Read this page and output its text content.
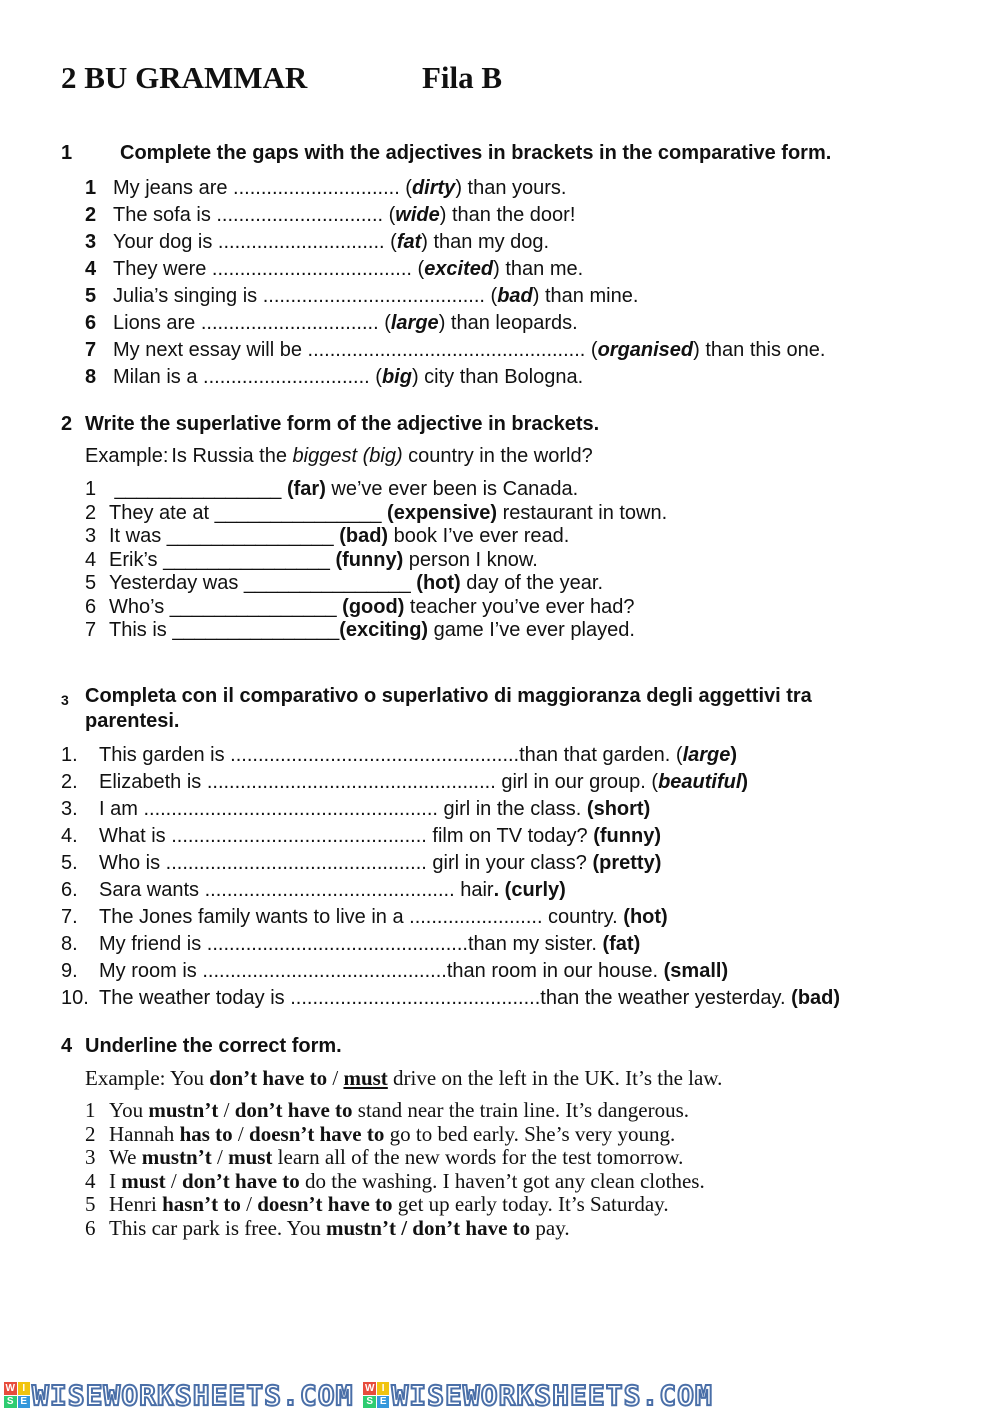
2 BU GRAMMAR	Fila B
1 Complete the gaps with the adjectives in brackets in the comparative form.
1 My jeans are .............................. (dirty) than yours.
2 The sofa is .............................. (wide) than the door!
3 Your dog is .............................. (fat) than my dog.
4 They were .................................... (excited) than me.
5 Julia’s singing is ........................................ (bad) than mine.
6 Lions are ................................ (large) than leopards.
7 My next essay will be .................................................. (organised) than this one.
8 Milan is a .............................. (big) city than Bologna.
2 Write the superlative form of the adjective in brackets.
Example: Is Russia the biggest (big) country in the world?
1 _______________ (far) we’ve ever been is Canada.
2 They ate at _______________ (expensive) restaurant in town.
3 It was _______________ (bad) book I’ve ever read.
4 Erik’s _______________ (funny) person I know.
5 Yesterday was _______________ (hot) day of the year.
6 Who’s _______________ (good) teacher you’ve ever had?
7 This is _______________(exciting) game I’ve ever played.
3 Completa con il comparativo o superlativo di maggioranza degli aggettivi tra
parentesi.
1. This garden is ....................................................than that garden. (large)
2. Elizabeth is .................................................... girl in our group. (beautiful)
3. I am ..................................................... girl in the class. (short)
4. What is .............................................. film on TV today? (funny)
5. Who is ............................................... girl in your class? (pretty)
6. Sara wants ............................................. hair. (curly)
7. The Jones family wants to live in a ........................ country. (hot)
8. My friend is ...............................................than my sister. (fat)
9. My room is ............................................than room in our house. (small)
10. The weather today is .............................................than the weather yesterday. (bad)
4 Underline the correct form.
Example: You don’t have to / must drive on the left in the UK. It’s the law.
1 You mustn’t / don’t have to stand near the train line. It’s dangerous.
2 Hannah has to / doesn’t have to go to bed early. She’s very young.
3 We mustn’t / must learn all of the new words for the test tomorrow.
4 I must / don’t have to do the washing. I haven’t got any clean clothes.
5 Henri hasn’t to / doesn’t have to get up early today. It’s Saturday.
6 This car park is free. You mustn’t / don’t have to pay.
W I
S E WISEWORKSHEETS.COM W I
S E WISEWORKSHEETS.COM
